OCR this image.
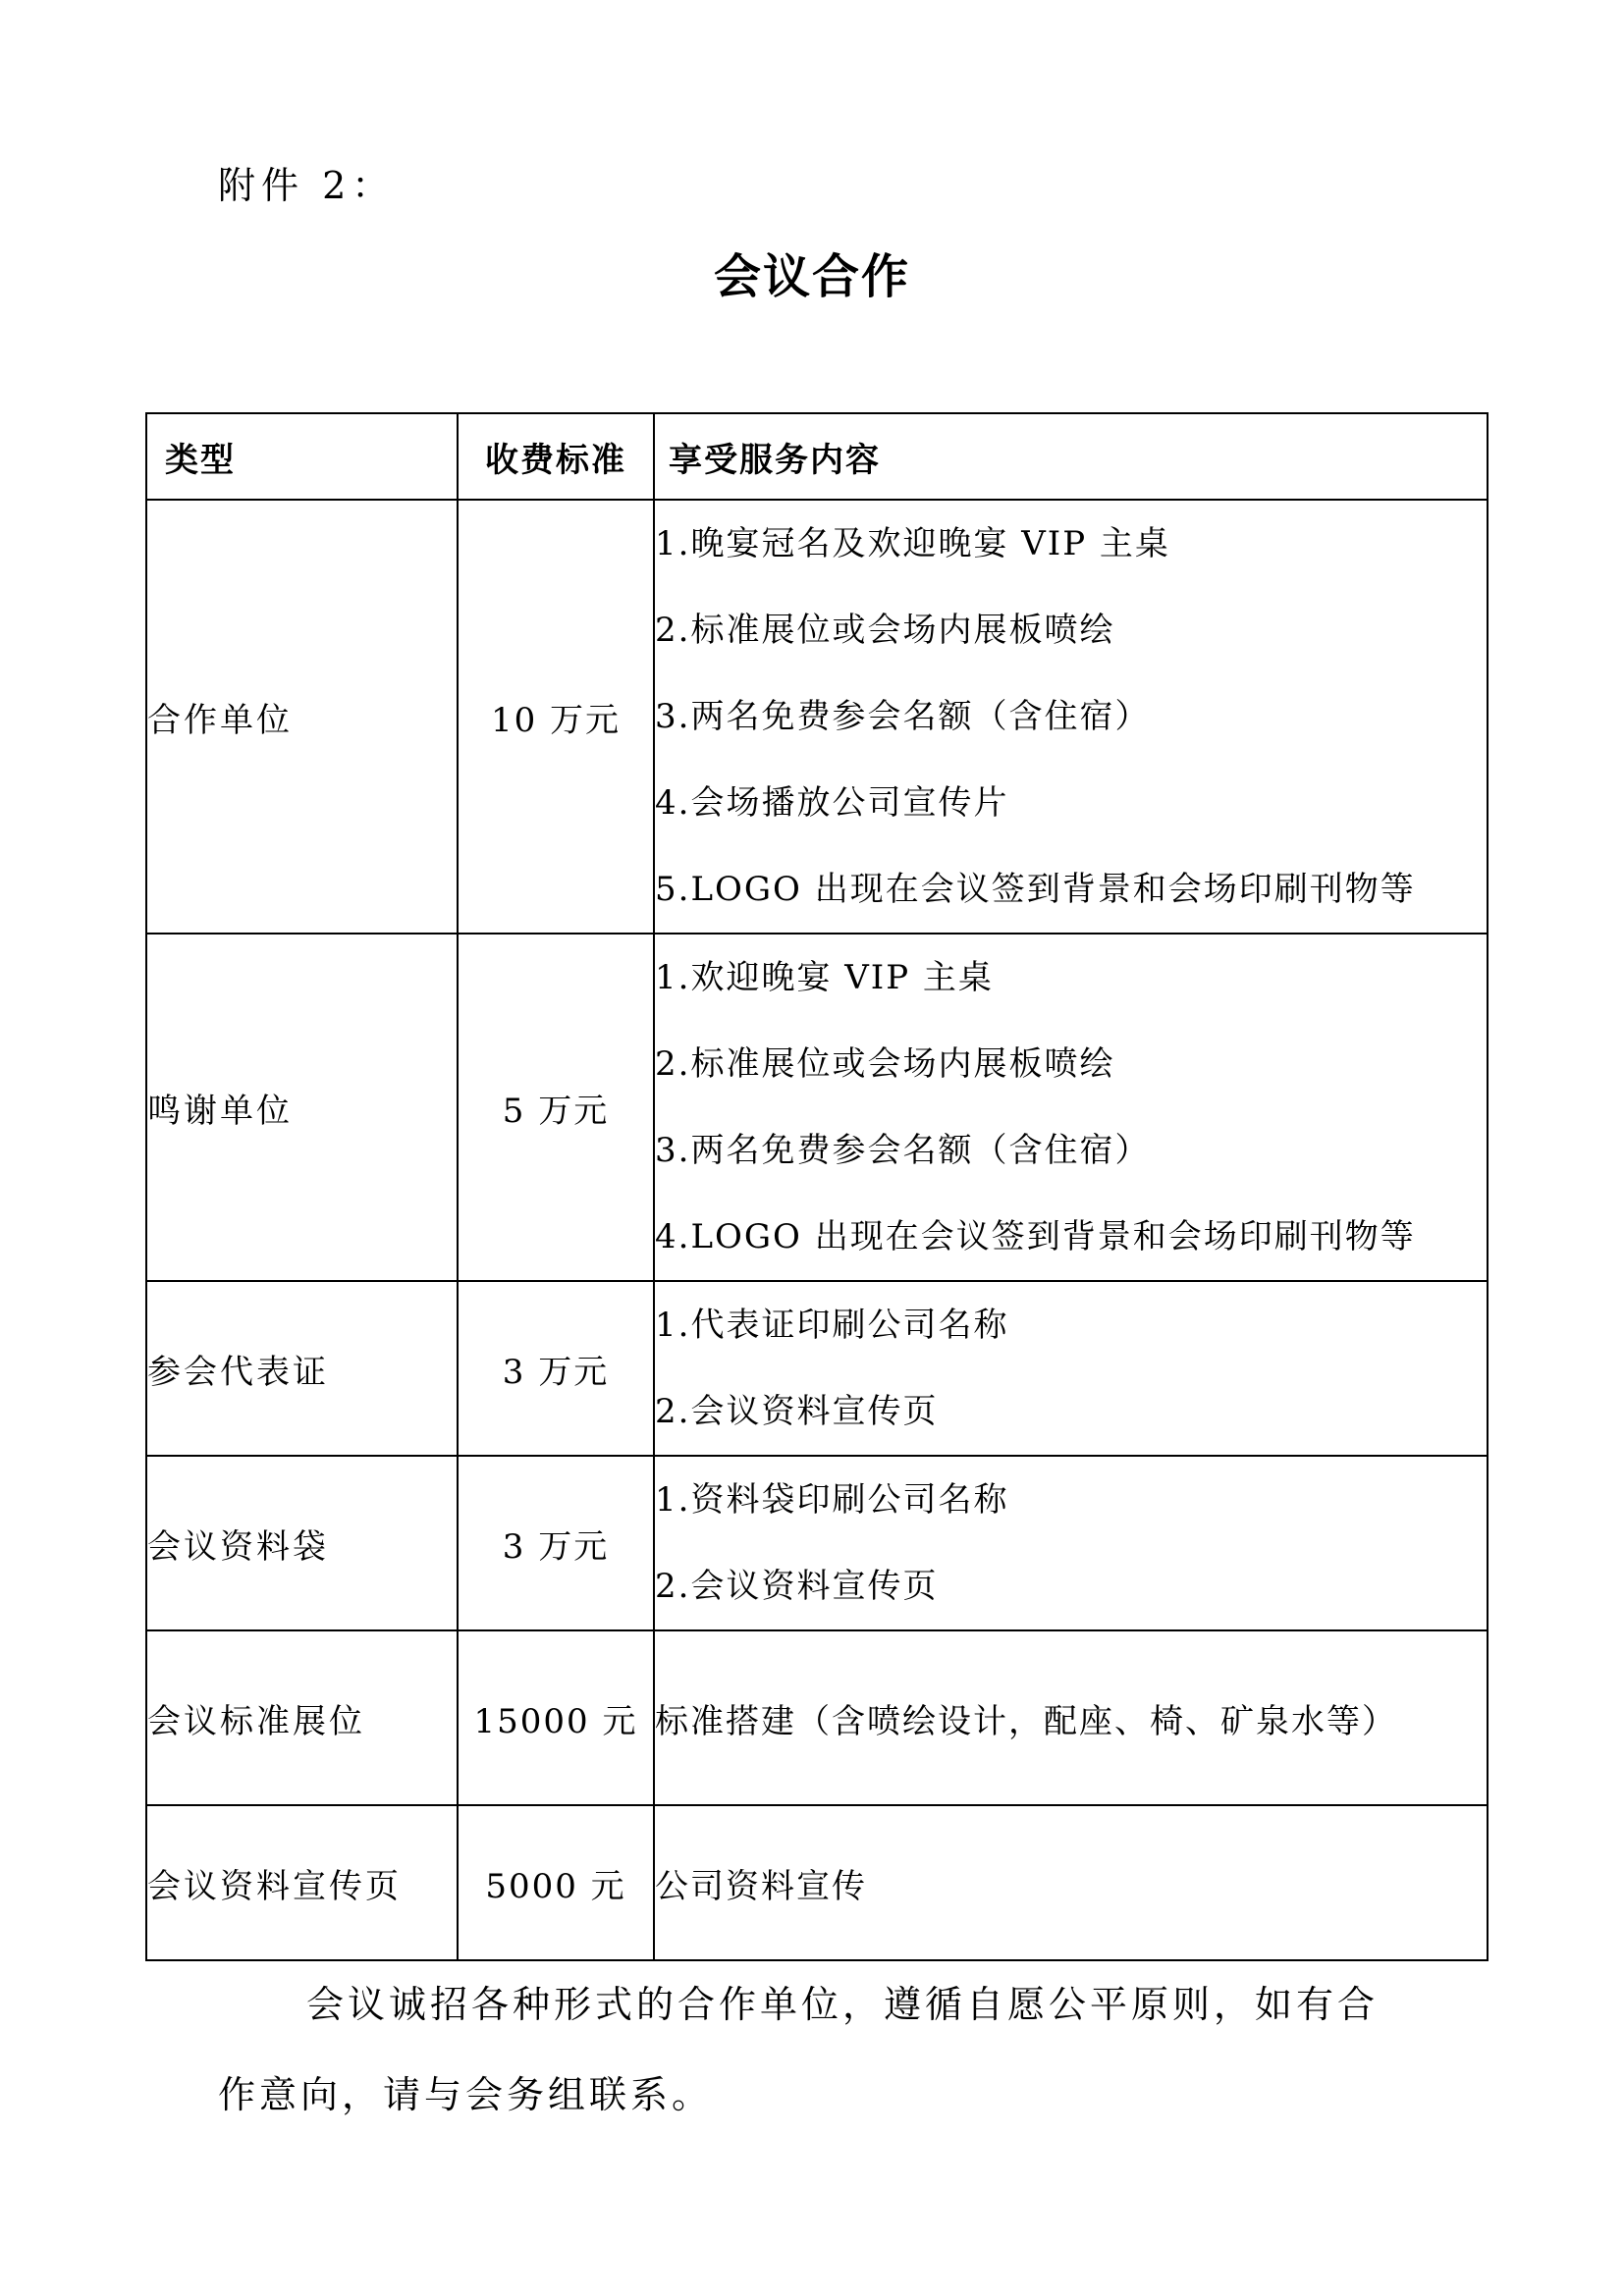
附件 2：
会议合作
类型	收费标准	享受服务内容
合作单位	10 万元	1.晚宴冠名及欢迎晚宴 VIP 主桌
2.标准展位或会场内展板喷绘
3.两名免费参会名额（含住宿）
4.会场播放公司宣传片
5.LOGO 出现在会议签到背景和会场印刷刊物等

鸣谢单位	5 万元	1.欢迎晚宴 VIP 主桌
2.标准展位或会场内展板喷绘
3.两名免费参会名额（含住宿）
4.LOGO 出现在会议签到背景和会场印刷刊物等

参会代表证	3 万元	1.代表证印刷公司名称
2.会议资料宣传页

会议资料袋	3 万元	1.资料袋印刷公司名称
2.会议资料宣传页

会议标准展位	15000 元	标准搭建（含喷绘设计，配座、椅、矿泉水等）

会议资料宣传页	5000 元	公司资料宣传
会议诚招各种形式的合作单位，遵循自愿公平原则，如有合
作意向，请与会务组联系。
